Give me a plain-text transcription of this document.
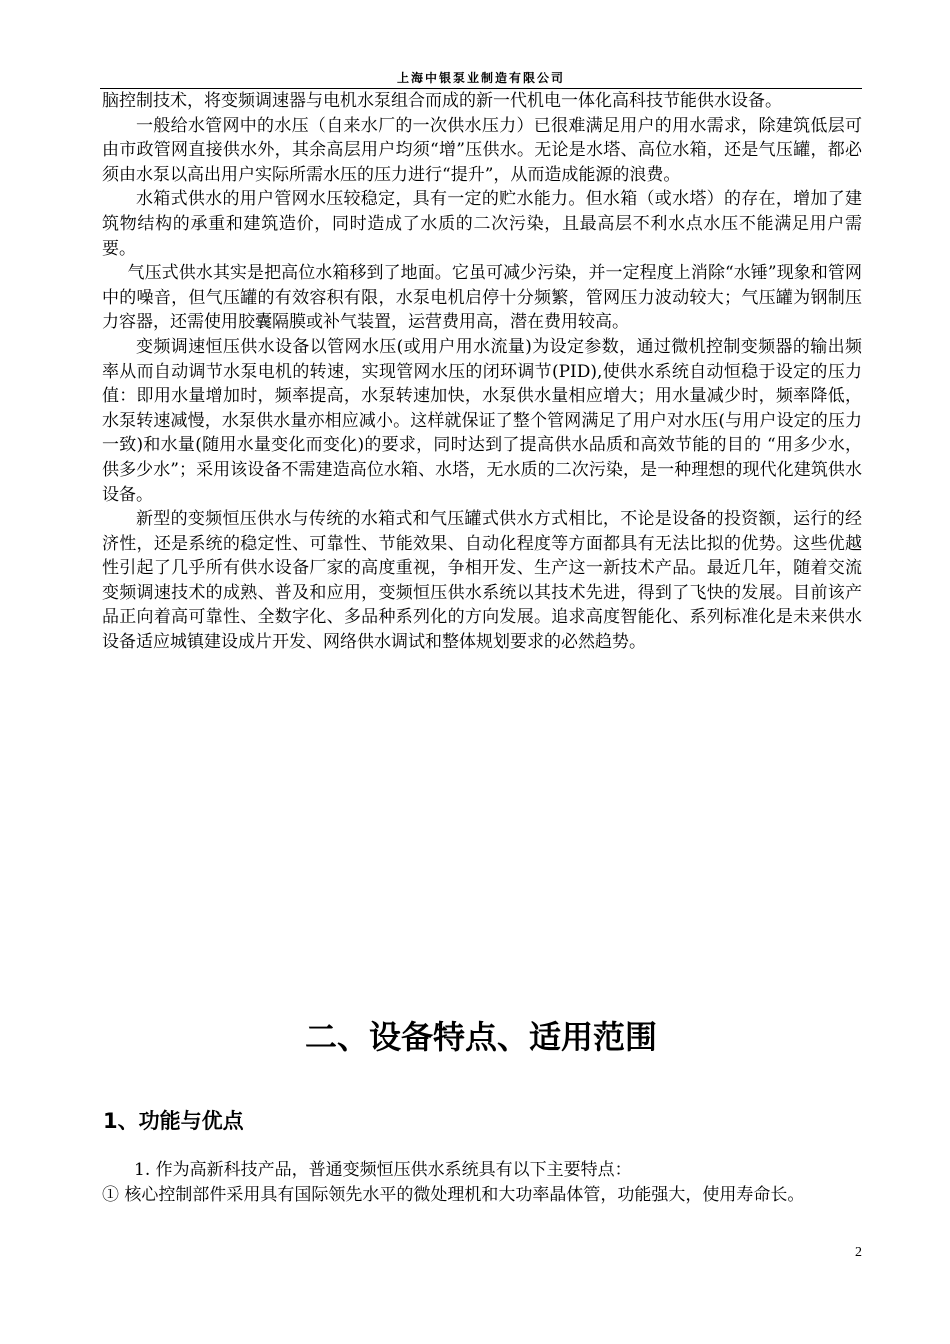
上海中银泵业制造有限公司

脑控制技术，将变频调速器与电机水泵组合而成的新一代机电一体化高科技节能供水设备。

一般给水管网中的水压（自来水厂的一次供水压力）已很难满足用户的用水需求，除建筑低层可由市政管网直接供水外，其余高层用户均须“增”压供水。无论是水塔、高位水箱，还是气压罐，都必须由水泵以高出用户实际所需水压的压力进行“提升”，从而造成能源的浪费。

水箱式供水的用户管网水压较稳定，具有一定的贮水能力。但水箱（或水塔）的存在，增加了建筑物结构的承重和建筑造价，同时造成了水质的二次污染，且最高层不利水点水压不能满足用户需要。

气压式供水其实是把高位水箱移到了地面。它虽可减少污染，并一定程度上消除“水锤”现象和管网中的噪音，但气压罐的有效容积有限，水泵电机启停十分频繁，管网压力波动较大；气压罐为钢制压力容器，还需使用胶囊隔膜或补气装置，运营费用高，潜在费用较高。

变频调速恒压供水设备以管网水压(或用户用水流量)为设定参数，通过微机控制变频器的输出频率从而自动调节水泵电机的转速，实现管网水压的闭环调节(PID),使供水系统自动恒稳于设定的压力值：即用水量增加时，频率提高，水泵转速加快，水泵供水量相应增大；用水量减少时，频率降低，水泵转速减慢，水泵供水量亦相应减小。这样就保证了整个管网满足了用户对水压(与用户设定的压力一致)和水量(随用水量变化而变化)的要求，同时达到了提高供水品质和高效节能的目的 “用多少水，供多少水”；采用该设备不需建造高位水箱、水塔，无水质的二次污染，是一种理想的现代化建筑供水设备。

新型的变频恒压供水与传统的水箱式和气压罐式供水方式相比，不论是设备的投资额，运行的经济性，还是系统的稳定性、可靠性、节能效果、自动化程度等方面都具有无法比拟的优势。这些优越性引起了几乎所有供水设备厂家的高度重视，争相开发、生产这一新技术产品。最近几年，随着交流变频调速技术的成熟、普及和应用，变频恒压供水系统以其技术先进，得到了飞快的发展。目前该产品正向着高可靠性、全数字化、多品种系列化的方向发展。追求高度智能化、系列标准化是未来供水设备适应城镇建设成片开发、网络供水调试和整体规划要求的必然趋势。

二、设备特点、适用范围
1、功能与优点

1. 作为高新科技产品，普通变频恒压供水系统具有以下主要特点：

① 核心控制部件采用具有国际领先水平的微处理机和大功率晶体管，功能强大，使用寿命长。

2
